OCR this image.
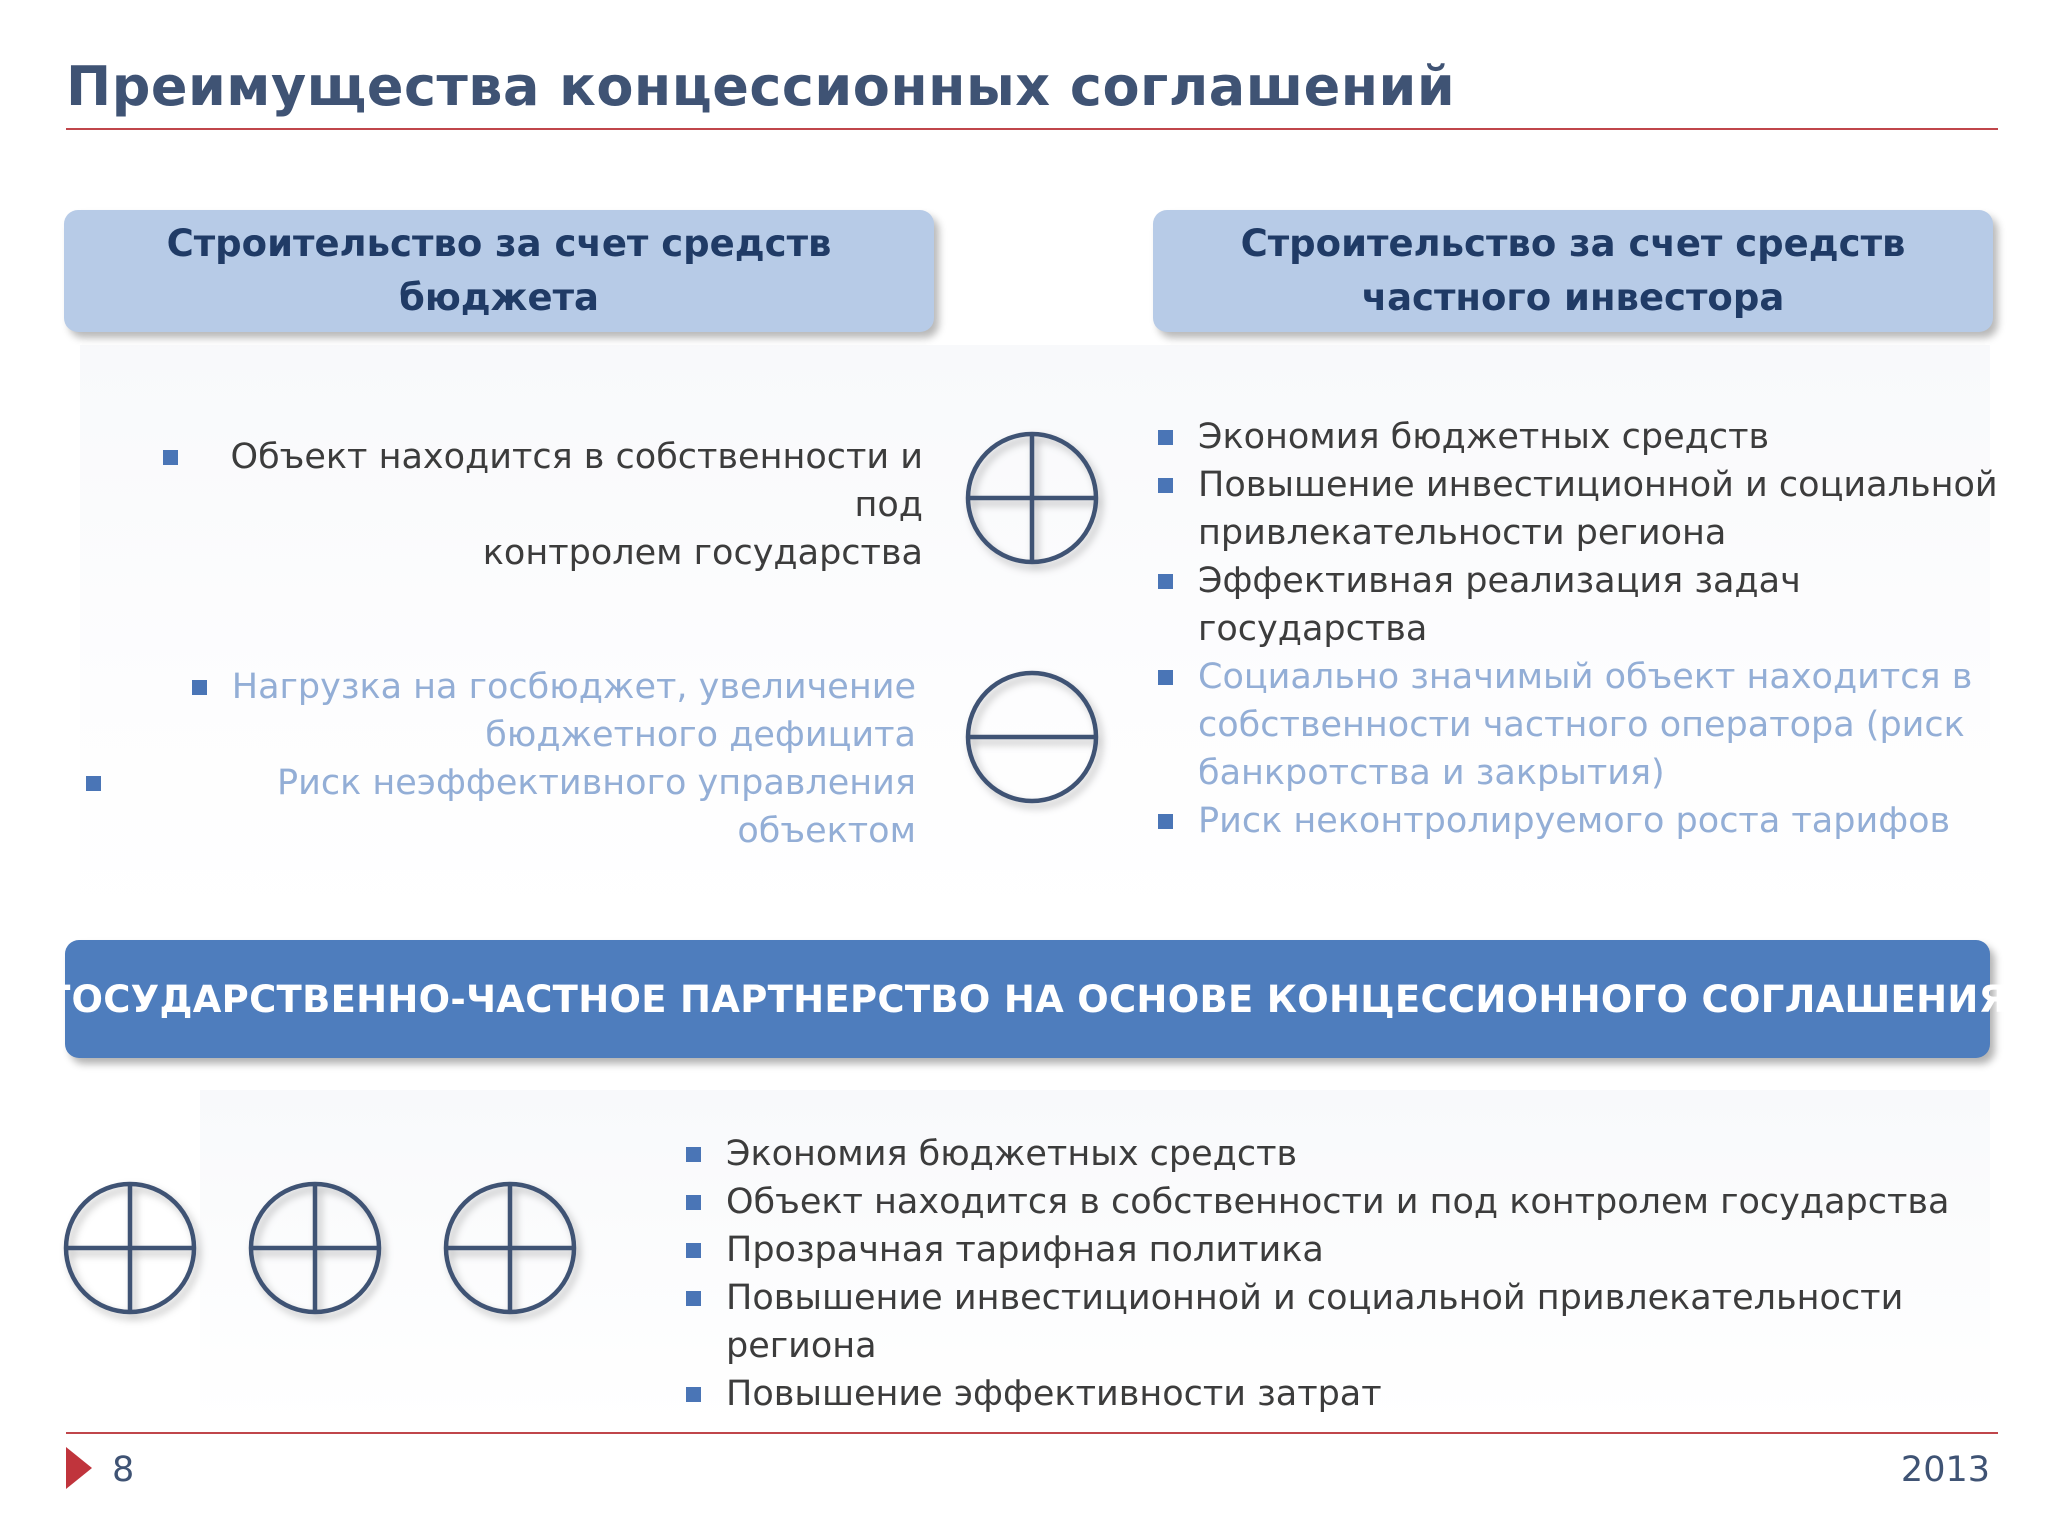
Преимущества концессионных соглашений
Строительство за счет средств
бюджета
Строительство за счет средств
частного инвестора
Объект находится в собственности и под
контролем государства
Нагрузка на госбюджет, увеличение
бюджетного дефицита
Риск неэффективного управления объектом
Экономия бюджетных средств
Повышение инвестиционной и социальной привлекательности региона
Эффективная реализация задач государства
Социально значимый объект находится в собственности частного оператора (риск банкротства и закрытия)
Риск неконтролируемого роста тарифов
ГОСУДАРСТВЕННО-ЧАСТНОЕ ПАРТНЕРСТВО НА ОСНОВЕ КОНЦЕССИОННОГО СОГЛАШЕНИЯ
Экономия бюджетных средств
Объект находится в собственности и под контролем государства
Прозрачная тарифная политика
Повышение инвестиционной и социальной привлекательности региона
Повышение эффективности затрат
8	2013
